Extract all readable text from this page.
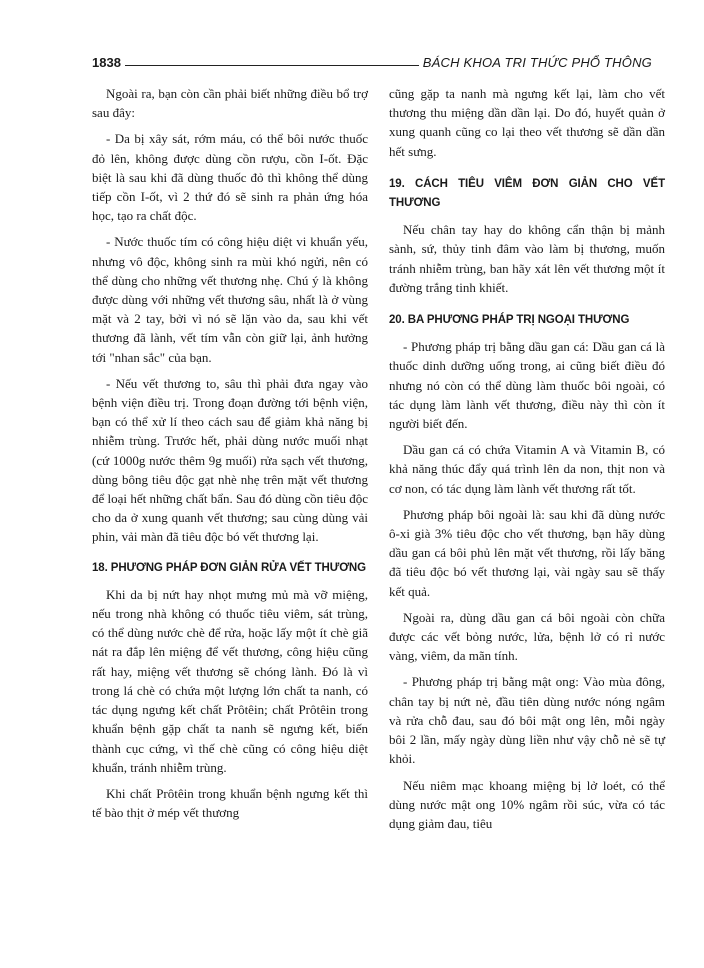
1838	BÁCH KHOA TRI THỨC PHỔ THÔNG

Ngoài ra, bạn còn cần phải biết những điều bổ trợ sau đây:

- Da bị xây sát, rớm máu, có thể bôi nước thuốc đỏ lên, không được dùng cồn rượu, cồn I-ốt. Đặc biệt là sau khi đã dùng thuốc đỏ thì không thể dùng tiếp cồn I-ốt, vì 2 thứ đó sẽ sinh ra phản ứng hóa học, tạo ra chất độc.

- Nước thuốc tím có công hiệu diệt vi khuẩn yếu, nhưng vô độc, không sinh ra mùi khó ngửi, nên có thể dùng cho những vết thương nhẹ. Chú ý là không được dùng với những vết thương sâu, nhất là ở vùng mặt và 2 tay, bởi vì nó sẽ lặn vào da, sau khi vết thương đã lành, vết tím vẫn còn giữ lại, ảnh hưởng tới "nhan sắc" của bạn.

- Nếu vết thương to, sâu thì phải đưa ngay vào bệnh viện điều trị. Trong đoạn đường tới bệnh viện, bạn có thể xử lí theo cách sau để giảm khả năng bị nhiễm trùng. Trước hết, phải dùng nước muối nhạt (cứ 1000g nước thêm 9g muối) rửa sạch vết thương, dùng bông tiêu độc gạt nhè nhẹ trên mặt vết thương để loại hết những chất bẩn. Sau đó dùng cồn tiêu độc cho da ở xung quanh vết thương; sau cùng dùng vải phin, vải màn đã tiêu độc bó vết thương lại.

18. PHƯƠNG PHÁP ĐƠN GIẢN RỬA VẾT THƯƠNG

Khi da bị nứt hay nhọt mưng mủ mà vỡ miệng, nếu trong nhà không có thuốc tiêu viêm, sát trùng, có thể dùng nước chè để rửa, hoặc lấy một ít chè giã nát ra đắp lên miệng để vết thương, công hiệu cũng rất hay, miệng vết thương sẽ chóng lành. Đó là vì trong lá chè có chứa một lượng lớn chất ta nanh, có tác dụng ngưng kết chất Prôtêin; chất Prôtêin trong khuẩn bệnh gặp chất ta nanh sẽ ngưng kết, biến thành cục cứng, vì thế chè cũng có công hiệu diệt khuẩn, tránh nhiễm trùng.

Khi chất Prôtêin trong khuẩn bệnh ngưng kết thì tế bào thịt ở mép vết thương

cũng gặp ta nanh mà ngưng kết lại, làm cho vết thương thu miệng dần dần lại. Do đó, huyết quản ở xung quanh cũng co lại theo vết thương sẽ dần dần hết sưng.

19. CÁCH TIÊU VIÊM ĐƠN GIẢN CHO VẾT THƯƠNG

Nếu chân tay hay do không cẩn thận bị mảnh sành, sứ, thủy tinh đâm vào làm bị thương, muốn tránh nhiễm trùng, ban hãy xát lên vết thương một ít đường trắng tinh khiết.

20. BA PHƯƠNG PHÁP TRỊ NGOẠI THƯƠNG

- Phương pháp trị bằng dầu gan cá: Dầu gan cá là thuốc dinh dưỡng uống trong, ai cũng biết điều đó nhưng nó còn có thể dùng làm thuốc bôi ngoài, có tác dụng làm lành vết thương, điều này thì còn ít người biết đến.

Dầu gan cá có chứa Vitamin A và Vitamin B, có khả năng thúc đẩy quá trình lên da non, thịt non và cơ non, có tác dụng làm lành vết thương rất tốt.

Phương pháp bôi ngoài là: sau khi đã dùng nước ô-xi già 3% tiêu độc cho vết thương, bạn hãy dùng dầu gan cá bôi phủ lên mặt vết thương, rồi lấy băng đã tiêu độc bó vết thương lại, vài ngày sau sẽ thấy kết quả.

Ngoài ra, dùng dầu gan cá bôi ngoài còn chữa được các vết bỏng nước, lửa, bệnh lở có rỉ nước vàng, viêm, da mãn tính.

- Phương pháp trị bằng mật ong: Vào mùa đông, chân tay bị nứt nẻ, đầu tiên dùng nước nóng ngâm và rửa chỗ đau, sau đó bôi mật ong lên, mỗi ngày bôi 2 lần, mấy ngày dùng liền như vậy chỗ nẻ sẽ tự khỏi.

Nếu niêm mạc khoang miệng bị lở loét, có thể dùng nước mật ong 10% ngâm rồi súc, vừa có tác dụng giảm đau, tiêu
